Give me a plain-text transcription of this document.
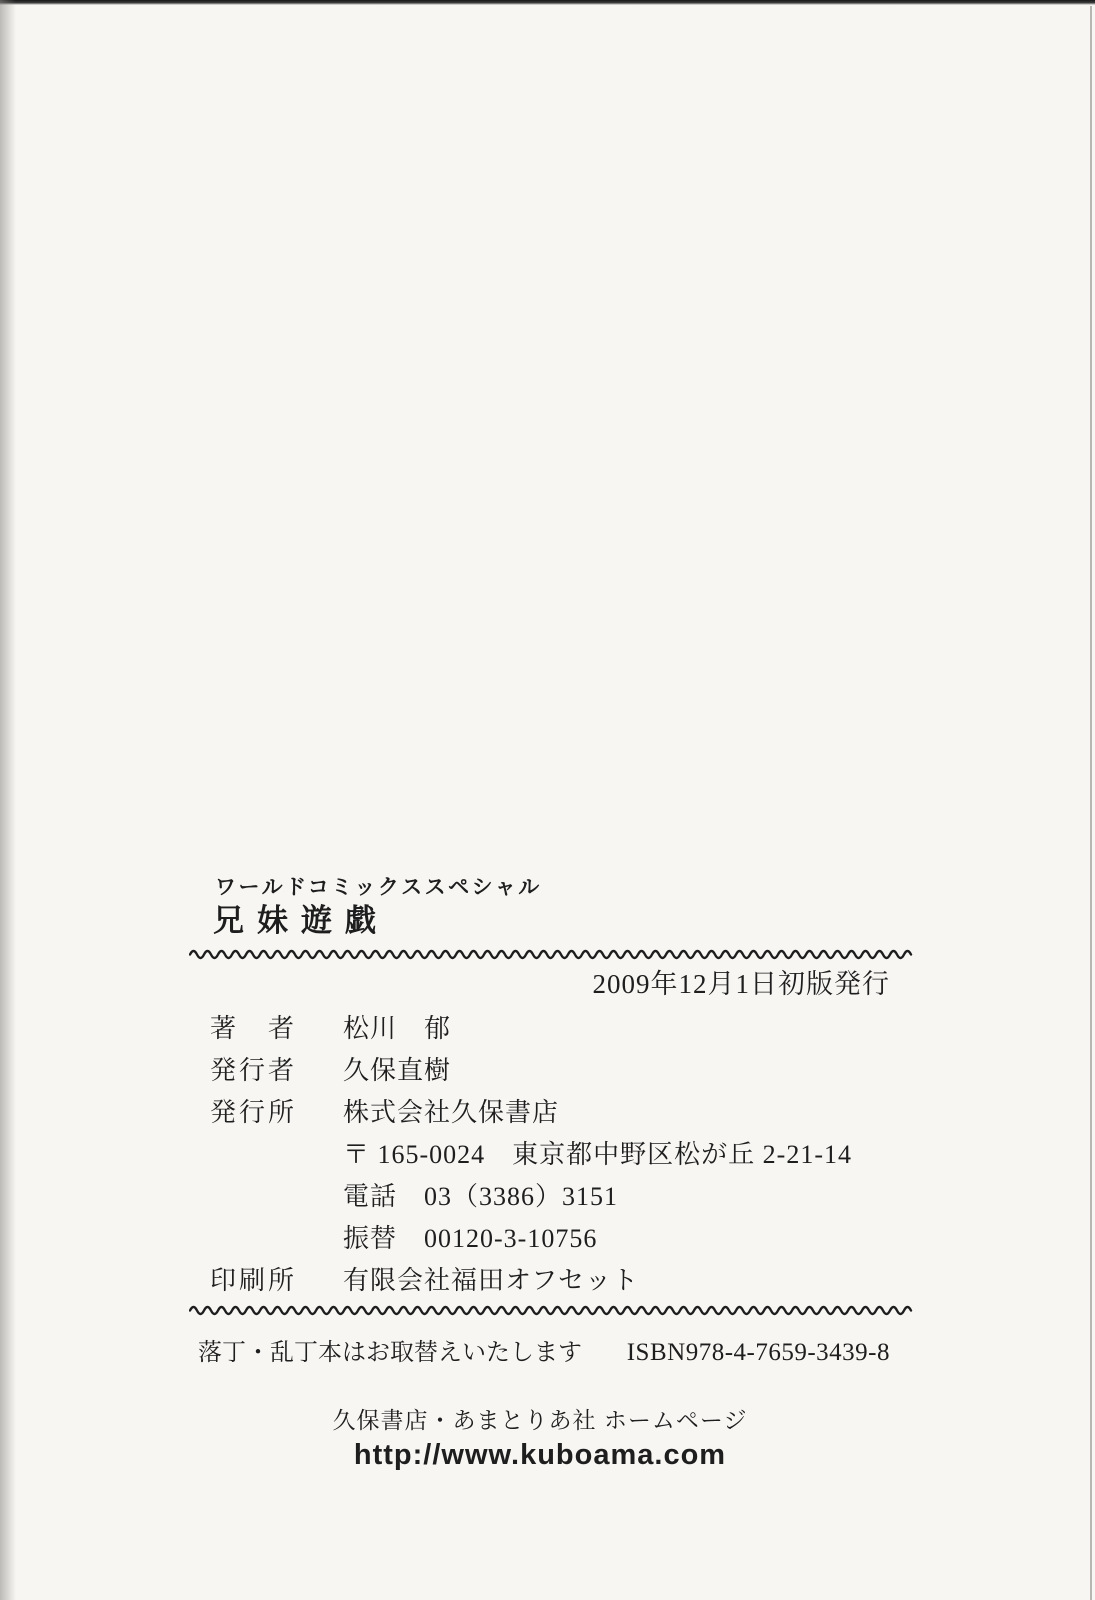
ワールドコミックススペシャル
兄妹遊戯
2009年12月1日初版発行
著　者 松川　郁
発行者 久保直樹
発行所 株式会社久保書店
〒 165-0024　東京都中野区松が丘 2-21-14
電話　03（3386）3151
振替　00120-3-10756
印刷所 有限会社福田オフセット
落丁・乱丁本はお取替えいたします ISBN978-4-7659-3439-8
久保書店・あまとりあ社 ホームページ
http://www.kuboama.com
